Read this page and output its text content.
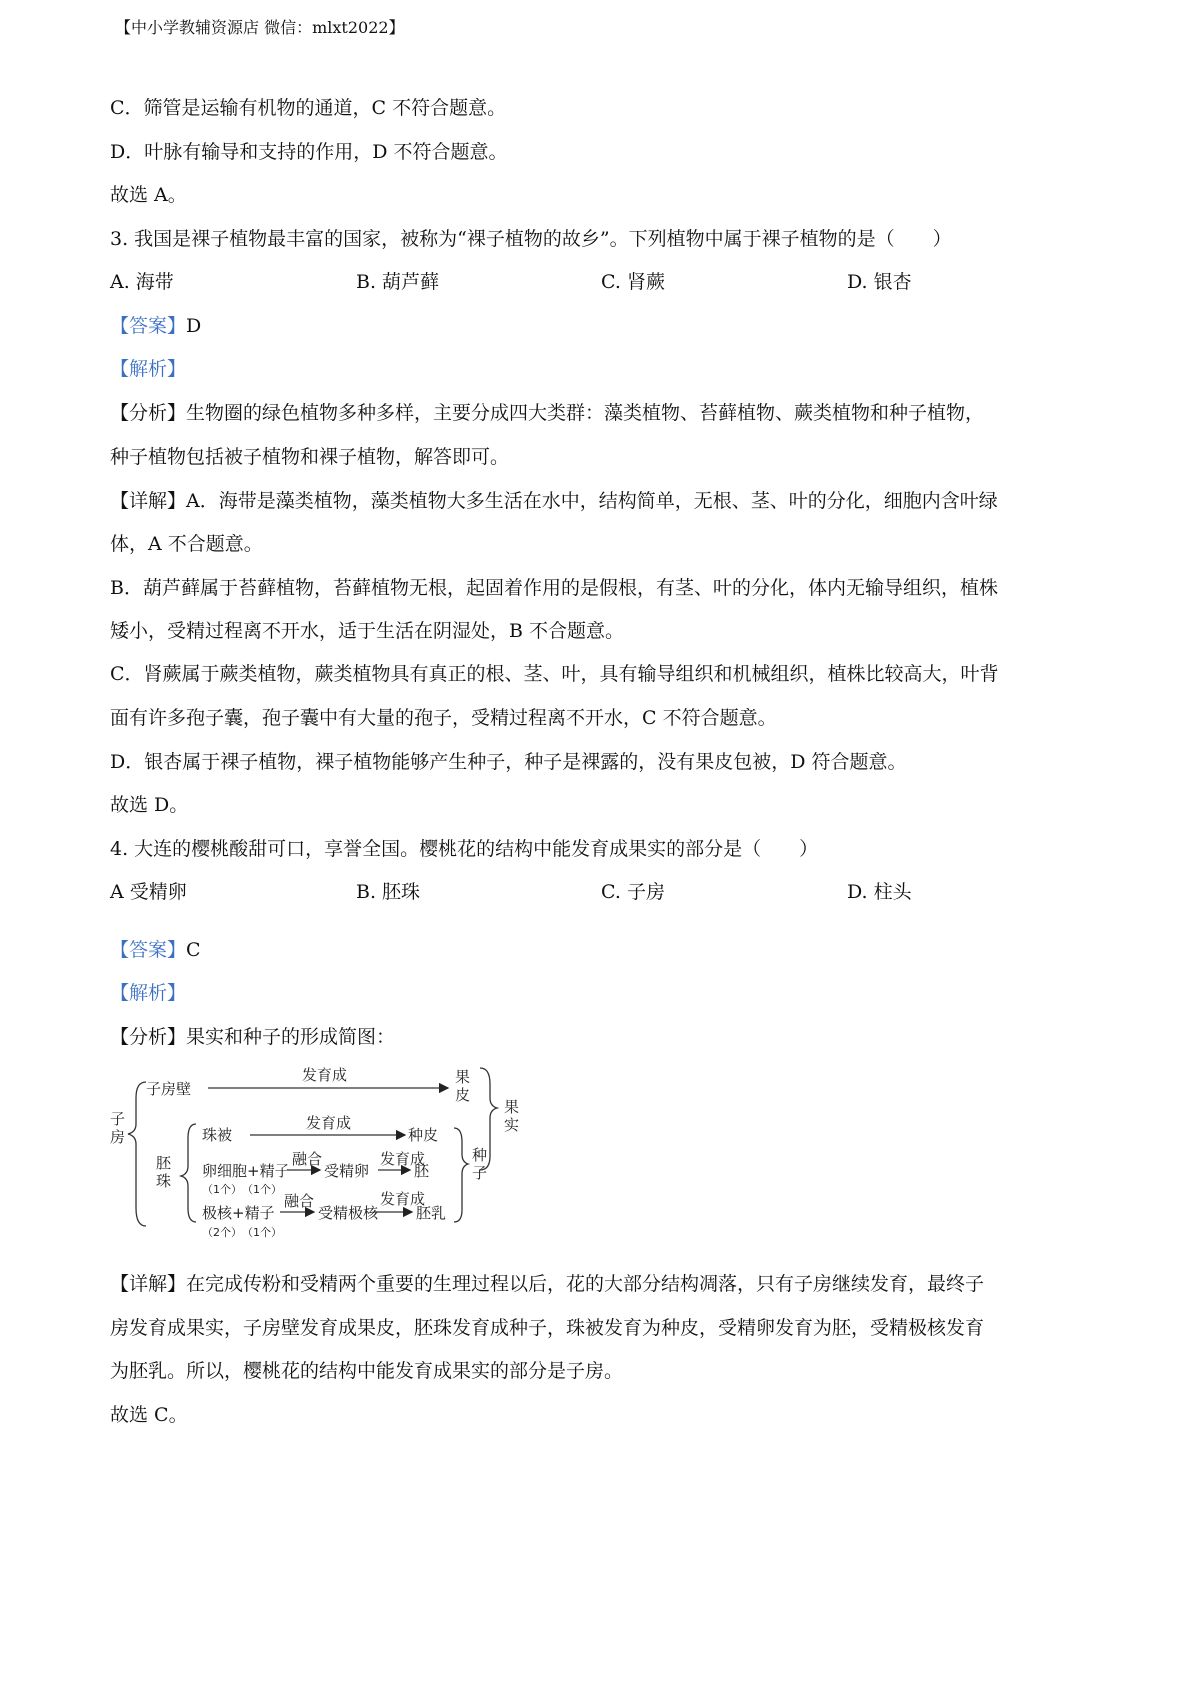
【中小学教辅资源店 微信：mlxt2022】
C．筛管是运输有机物的通道，C 不符合题意。
D．叶脉有输导和支持的作用，D 不符合题意。
故选 A。
3. 我国是裸子植物最丰富的国家，被称为“裸子植物的故乡”。下列植物中属于裸子植物的是（　　）
A. 海带	B. 葫芦藓	C. 肾蕨	D. 银杏
【答案】D
【解析】
【分析】生物圈的绿色植物多种多样，主要分成四大类群：藻类植物、苔藓植物、蕨类植物和种子植物，
种子植物包括被子植物和裸子植物，解答即可。
【详解】A．海带是藻类植物，藻类植物大多生活在水中，结构简单，无根、茎、叶的分化，细胞内含叶绿
体，A 不合题意。
B．葫芦藓属于苔藓植物，苔藓植物无根，起固着作用的是假根，有茎、叶的分化，体内无输导组织，植株
矮小，受精过程离不开水，适于生活在阴湿处，B 不合题意。
C．肾蕨属于蕨类植物，蕨类植物具有真正的根、茎、叶，具有输导组织和机械组织，植株比较高大，叶背
面有许多孢子囊，孢子囊中有大量的孢子，受精过程离不开水，C 不符合题意。
D．银杏属于裸子植物，裸子植物能够产生种子，种子是裸露的，没有果皮包被，D 符合题意。
故选 D。
4. 大连的樱桃酸甜可口，享誉全国。樱桃花的结构中能发育成果实的部分是（　　）
A 受精卵	B. 胚珠	C. 子房	D. 柱头
【答案】C
【解析】
【分析】果实和种子的形成简图：
子房
子房壁
发育成	果皮
果实
胚珠
珠被
发育成
种皮
种子
卵细胞+精子
融合
受精卵
发育成
胚
极核+精子
融合
受精极核
发育成
胚乳
（1个） （1个）
（2个） （1个）
【详解】在完成传粉和受精两个重要的生理过程以后，花的大部分结构凋落，只有子房继续发育，最终子
房发育成果实，子房壁发育成果皮，胚珠发育成种子，珠被发育为种皮，受精卵发育为胚，受精极核发育
为胚乳。所以，樱桃花的结构中能发育成果实的部分是子房。
故选 C。
